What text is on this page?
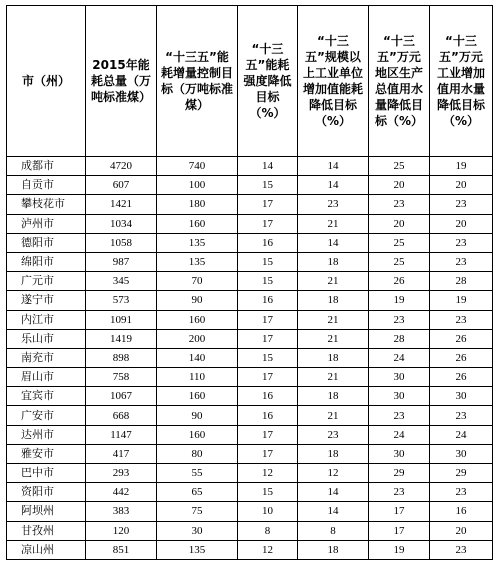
市（州）	2015年能耗总量（万吨标准煤）	“十三五”能耗增量控制目标（万吨标准煤）	“十三五”能耗强度降低目标（%）	“十三五”规模以上工业单位增加值能耗降低目标（%）	“十三五”万元地区生产总值用水量降低目标（%）	“十三五”万元工业增加值用水量降低目标（%）

成都市	4720	740	14	14	25	19
自贡市	607	100	15	14	20	20
攀枝花市	1421	180	17	23	23	23
泸州市	1034	160	17	21	20	20
德阳市	1058	135	16	14	25	23
绵阳市	987	135	15	18	25	23
广元市	345	70	15	21	26	28
遂宁市	573	90	16	18	19	19
内江市	1091	160	17	21	23	23
乐山市	1419	200	17	21	28	26
南充市	898	140	15	18	24	26
眉山市	758	110	17	21	30	26
宜宾市	1067	160	16	18	30	30
广安市	668	90	16	21	23	23
达州市	1147	160	17	23	24	24
雅安市	417	80	17	18	30	30
巴中市	293	55	12	12	29	29
资阳市	442	65	15	14	23	23
阿坝州	383	75	10	14	17	16
甘孜州	120	30	8	8	17	20
凉山州	851	135	12	18	19	23
